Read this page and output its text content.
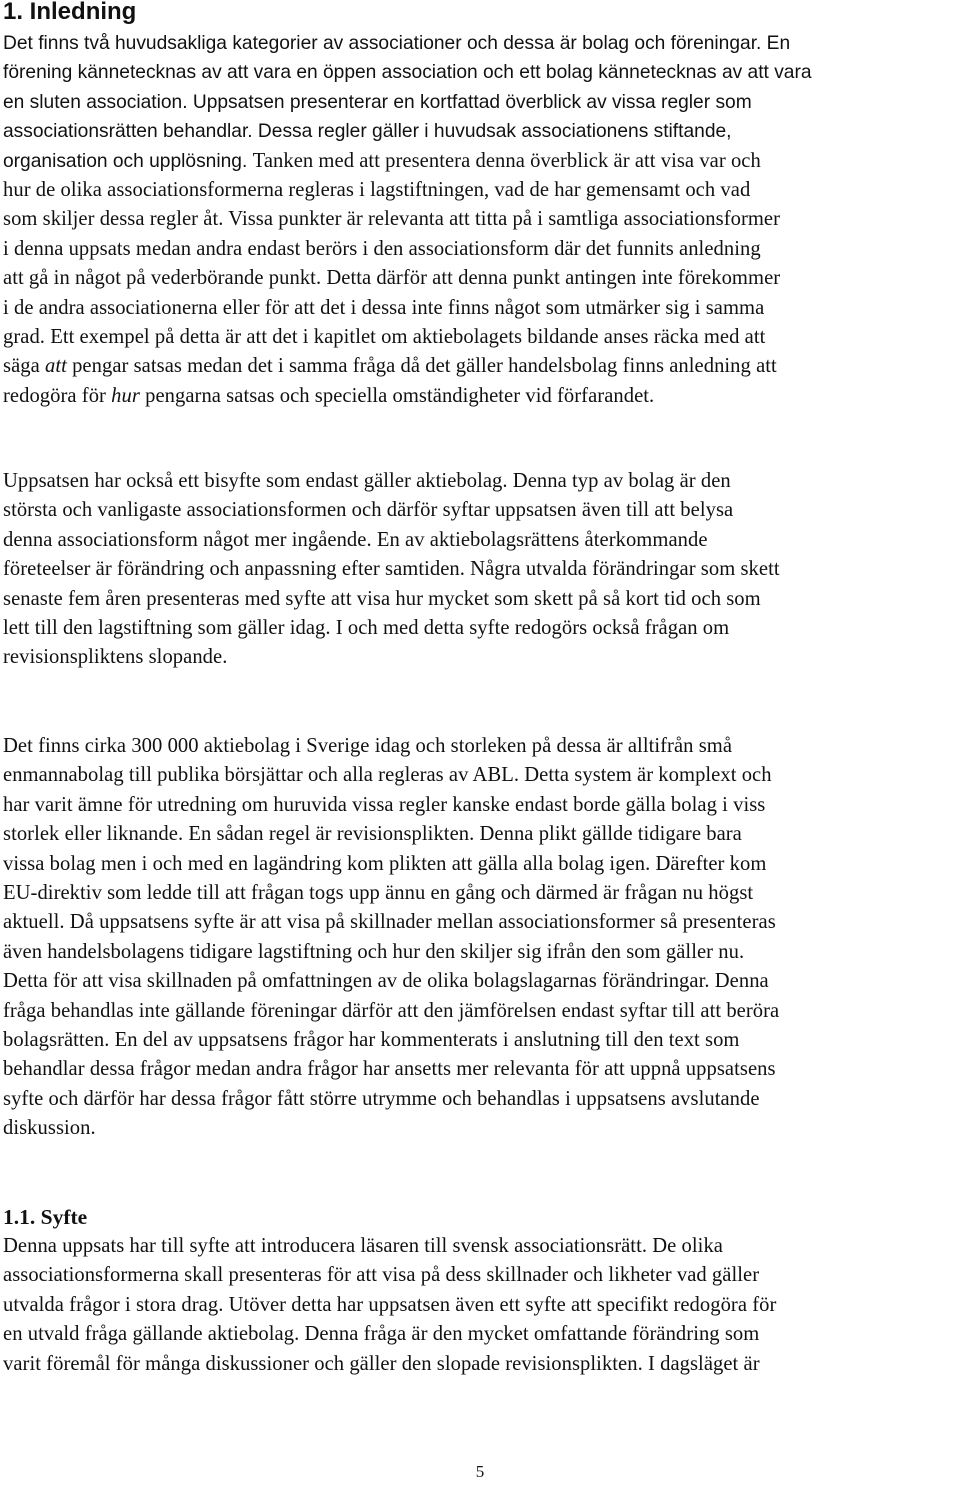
1. Inledning
Det finns två huvudsakliga kategorier av associationer och dessa är bolag och föreningar. En
förening kännetecknas av att vara en öppen association och ett bolag kännetecknas av att vara
en sluten association. Uppsatsen presenterar en kortfattad överblick av vissa regler som
associationsrätten behandlar. Dessa regler gäller i huvudsak associationens stiftande,
organisation och upplösning. Tanken med att presentera denna överblick är att visa var och
hur de olika associationsformerna regleras i lagstiftningen, vad de har gemensamt och vad
som skiljer dessa regler åt. Vissa punkter är relevanta att titta på i samtliga associationsformer
i denna uppsats medan andra endast berörs i den associationsform där det funnits anledning
att gå in något på vederbörande punkt. Detta därför att denna punkt antingen inte förekommer
i de andra associationerna eller för att det i dessa inte finns något som utmärker sig i samma
grad. Ett exempel på detta är att det i kapitlet om aktiebolagets bildande anses räcka med att
säga att pengar satsas medan det i samma fråga då det gäller handelsbolag finns anledning att
redogöra för hur pengarna satsas och speciella omständigheter vid förfarandet.
Uppsatsen har också ett bisyfte som endast gäller aktiebolag. Denna typ av bolag är den
största och vanligaste associationsformen och därför syftar uppsatsen även till att belysa
denna associationsform något mer ingående. En av aktiebolagsrättens återkommande
företeelser är förändring och anpassning efter samtiden. Några utvalda förändringar som skett
senaste fem åren presenteras med syfte att visa hur mycket som skett på så kort tid och som
lett till den lagstiftning som gäller idag. I och med detta syfte redogörs också frågan om
revisionspliktens slopande.
Det finns cirka 300 000 aktiebolag i Sverige idag och storleken på dessa är alltifrån små
enmannabolag till publika börsjättar och alla regleras av ABL. Detta system är komplext och
har varit ämne för utredning om huruvida vissa regler kanske endast borde gälla bolag i viss
storlek eller liknande. En sådan regel är revisionsplikten. Denna plikt gällde tidigare bara
vissa bolag men i och med en lagändring kom plikten att gälla alla bolag igen. Därefter kom
EU-direktiv som ledde till att frågan togs upp ännu en gång och därmed är frågan nu högst
aktuell. Då uppsatsens syfte är att visa på skillnader mellan associationsformer så presenteras
även handelsbolagens tidigare lagstiftning och hur den skiljer sig ifrån den som gäller nu.
Detta för att visa skillnaden på omfattningen av de olika bolagslagarnas förändringar. Denna
fråga behandlas inte gällande föreningar därför att den jämförelsen endast syftar till att beröra
bolagsrätten. En del av uppsatsens frågor har kommenterats i anslutning till den text som
behandlar dessa frågor medan andra frågor har ansetts mer relevanta för att uppnå uppsatsens
syfte och därför har dessa frågor fått större utrymme och behandlas i uppsatsens avslutande
diskussion.
1.1. Syfte
Denna uppsats har till syfte att introducera läsaren till svensk associationsrätt. De olika
associationsformerna skall presenteras för att visa på dess skillnader och likheter vad gäller
utvalda frågor i stora drag. Utöver detta har uppsatsen även ett syfte att specifikt redogöra för
en utvald fråga gällande aktiebolag. Denna fråga är den mycket omfattande förändring som
varit föremål för många diskussioner och gäller den slopade revisionsplikten. I dagsläget är
5
